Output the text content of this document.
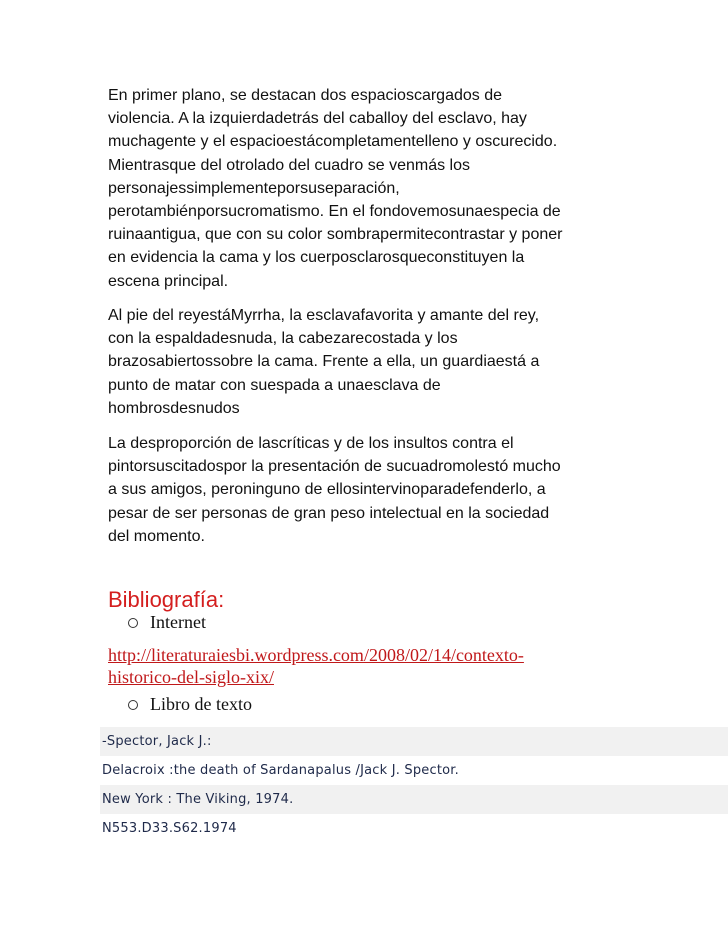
En primer plano, se destacan dos espacioscargados de
violencia. A la izquierdadetrás del caballoy del esclavo, hay
muchagente y el espacioestácompletamentelleno y oscurecido.
Mientrasque del otrolado del cuadro se venmás los
personajessimplementeporsuseparación,
perotambiénporsucromatismo. En el fondovemosunaespecia de
ruinaantigua, que con su color sombrapermitecontrastar y poner
en evidencia la cama y los cuerposclarosqueconstituyen la
escena principal.
Al pie del reyestáMyrrha, la esclavafavorita y amante del rey,
con la espaldadesnuda, la cabezarecostada y los
brazosabiertossobre la cama. Frente a ella, un guardiaestá a
punto de matar con suespada a unaesclava de
hombrosdesnudos
La desproporción de lascríticas y de los insultos contra el
pintorsuscitadospor la presentación de sucuadromolestó mucho
a sus amigos, peroninguno de ellosintervinoparadefenderlo, a
pesar de ser personas de gran peso intelectual en la sociedad
del momento.
Bibliografía:
Internet
http://literaturaiesbi.wordpress.com/2008/02/14/contexto-
historico-del-siglo-xix/
Libro de texto
-Spector, Jack J.:
Delacroix :the death of Sardanapalus /Jack J. Spector.
New York : The Viking, 1974.
N553.D33.S62.1974
